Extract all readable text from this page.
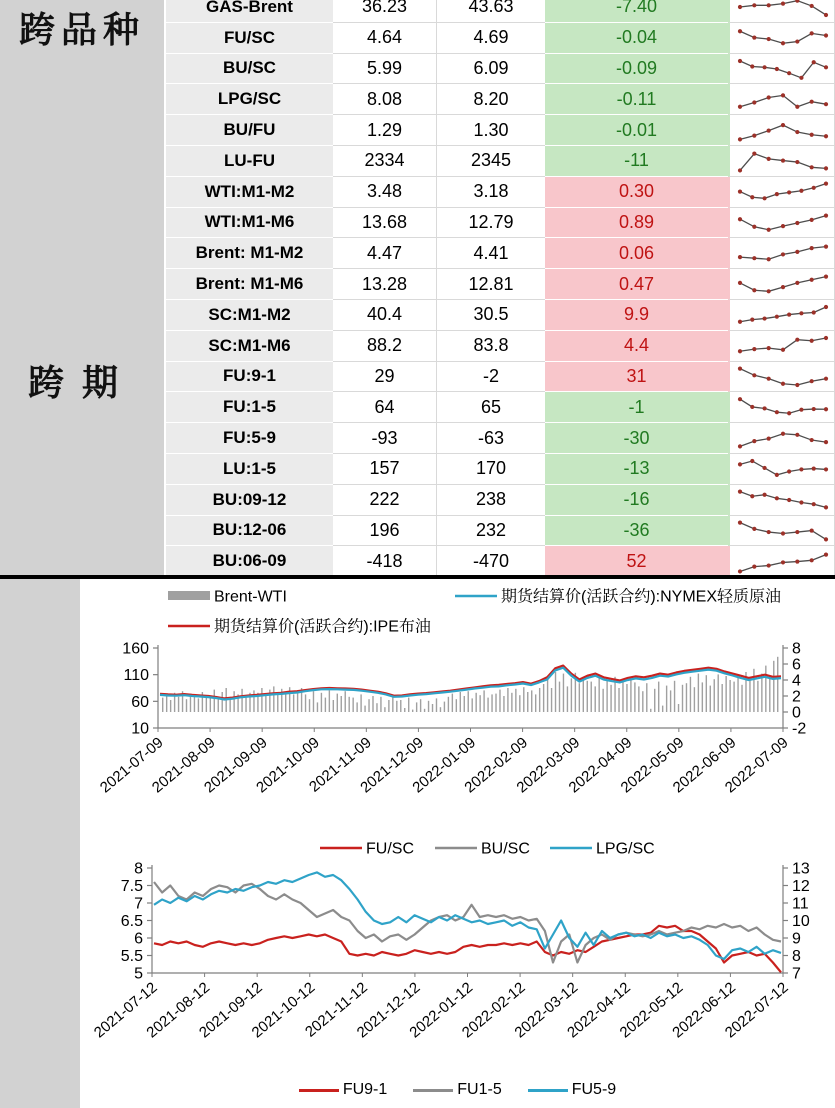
跨品种
跨期
GAS-Brent	36.23	43.63	-7.40
FU/SC	4.64	4.69	-0.04
BU/SC	5.99	6.09	-0.09
LPG/SC	8.08	8.20	-0.11
BU/FU	1.29	1.30	-0.01
LU-FU	2334	2345	-11
WTI:M1-M2	3.48	3.18	0.30
WTI:M1-M6	13.68	12.79	0.89
Brent: M1-M2	4.47	4.41	0.06
Brent: M1-M6	13.28	12.81	0.47
SC:M1-M2	40.4	30.5	9.9
SC:M1-M6	88.2	83.8	4.4
FU:9-1	29	-2	31
FU:1-5	64	65	-1
FU:5-9	-93	-63	-30
LU:1-5	157	170	-13
BU:09-12	222	238	-16
BU:12-06	196	232	-36
BU:06-09	-418	-470	52
160
110
60
10
8
6
4
2
0
-2
2021-07-09
2021-08-09
2021-09-09
2021-10-09
2021-11-09
2021-12-09
2022-01-09
2022-02-09
2022-03-09
2022-04-09
2022-05-09
2022-06-09
2022-07-09
Brent-WTI	期货结算价(活跃合约):NYMEX轻质原油
期货结算价(活跃合约):IPE布油
8
7.5
7
6.5
6
5.5
5
13
12
11
10
9
8
7
2021-07-12
2021-08-12
2021-09-12
2021-10-12
2021-11-12
2021-12-12
2022-01-12
2022-02-12
2022-03-12
2022-04-12
2022-05-12
2022-06-12
2022-07-12
FU/SC	BU/SC	LPG/SC
FU9-1	FU1-5	FU5-9
